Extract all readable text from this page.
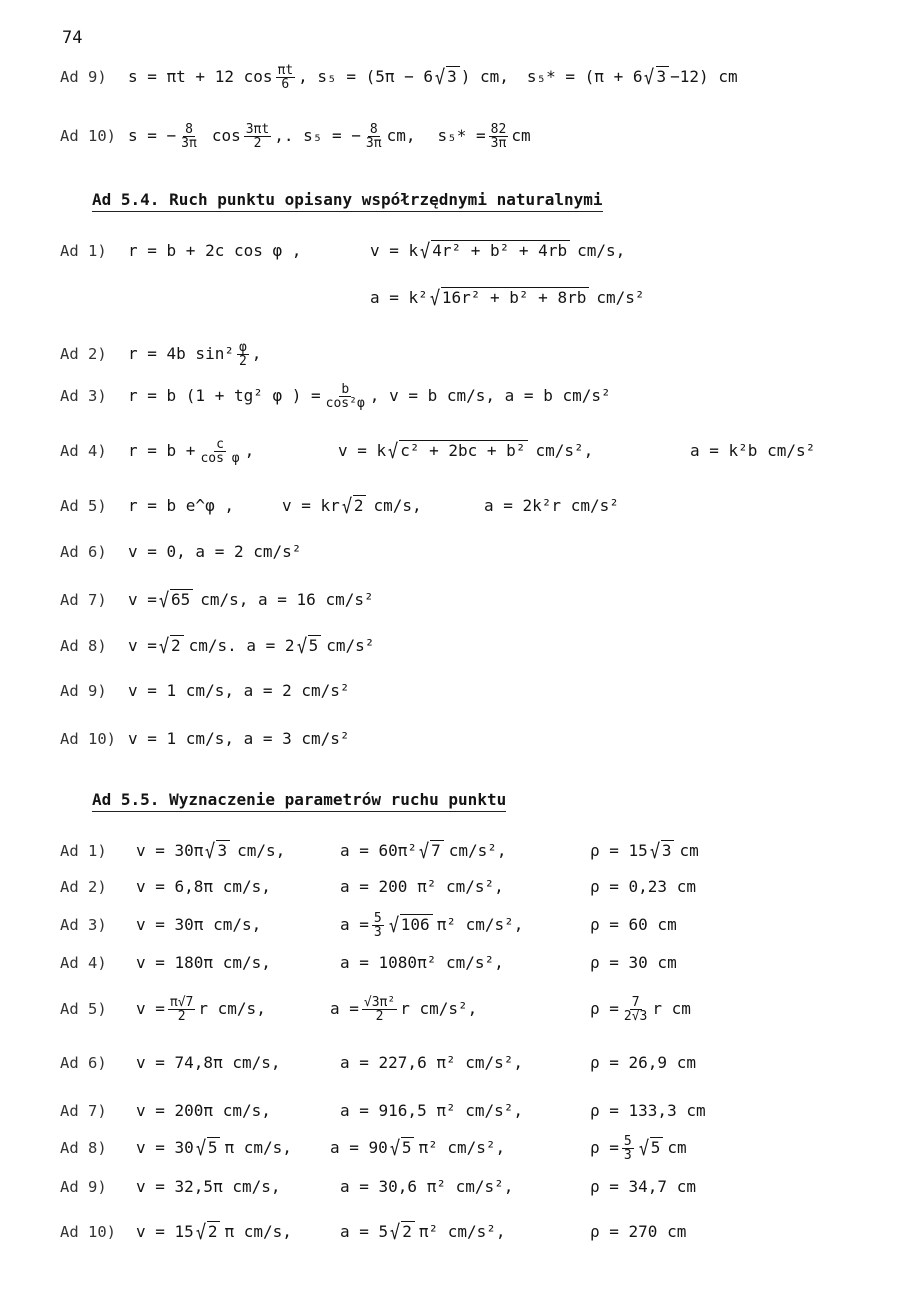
74
Ad 9)	s = πt + 12 $\cos \frac{\pi t}{6}$ , s₅ = (5π − 6 √ 3 ) cm, s₅* = (π + 6 √ 3 −12) cm
Ad 10) s = − $\frac{8}{3\pi}$ $\cos \frac{3\pi t}{2}$ ,. s₅ = − $\frac{8}{3\pi}$ cm, $s_5* = \frac{82}{3\pi}$ cm
Ad 5.4. Ruch punktu opisany współrzędnymi naturalnymi
Ad 1)	r = b + 2c cos φ ,	v = k √ 4r² + b² + 4rb cm/s,
a = k² √ 16r² + b² + 8rb cm/s²
Ad 2)	r = 4b $\sin^2 \frac{\varphi}{2}$ ,
Ad 3)	r = b (1 + tg² φ ) = $\frac{b}{\text{cos²φ}}$ , v = b cm/s, a = b cm/s²
Ad 4)	$r = b + \frac{c}{\text{cos φ}}$ ,	v = k √ c² + 2bc + b² cm/s²,	a = k²b cm/s²
Ad 5)	r = b e^φ ,	v = kr √ 2 cm/s,	a = 2k²r cm/s²
Ad 6)	v = 0, a = 2 cm/s²
Ad 7)	v = √ 65 cm/s, a = 16 cm/s²
Ad 8)	v = √ 2 cm/s. a = 2 √ 5 cm/s²
Ad 9)	v = 1 cm/s, a = 2 cm/s²
Ad 10) v = 1 cm/s, a = 3 cm/s²
Ad 5.5. Wyznaczenie parametrów ruchu punktu
Ad 1)	v = 30π √ 3 cm/s,	a = 60π² √ 7 cm/s²,	ρ = 15 √ 3 cm
Ad 2)	v = 6,8π cm/s,	a = 200 π² cm/s²,	ρ = 0,23 cm
Ad 3)	v = 30π cm/s,	$a = \frac{5}{3}$ √ 106 π² cm/s²,	ρ = 60 cm
Ad 4)	v = 180π cm/s,	a = 1080π² cm/s²,	ρ = 30 cm
Ad 5)	$v = \frac{\pi√7}{2}$ r cm/s,	$a = \frac{\text{√3π²}}{2}$ r cm/s²,	$\rho = \frac{7}{2√3}$ r cm
Ad 6)	v = 74,8π cm/s,	a = 227,6 π² cm/s²,	ρ = 26,9 cm
Ad 7)	v = 200π cm/s,	a = 916,5 π² cm/s²,	ρ = 133,3 cm
Ad 8)	v = 30 √ 5 π cm/s, a = 90 √ 5 π² cm/s²,	$\rho = \frac{5}{3}$ √ 5 cm
Ad 9)	v = 32,5π cm/s,	a = 30,6 π² cm/s²,	ρ = 34,7 cm
Ad 10)	v = 15 √ 2 π cm/s,	a = 5 √ 2 π² cm/s²,	ρ = 270 cm
